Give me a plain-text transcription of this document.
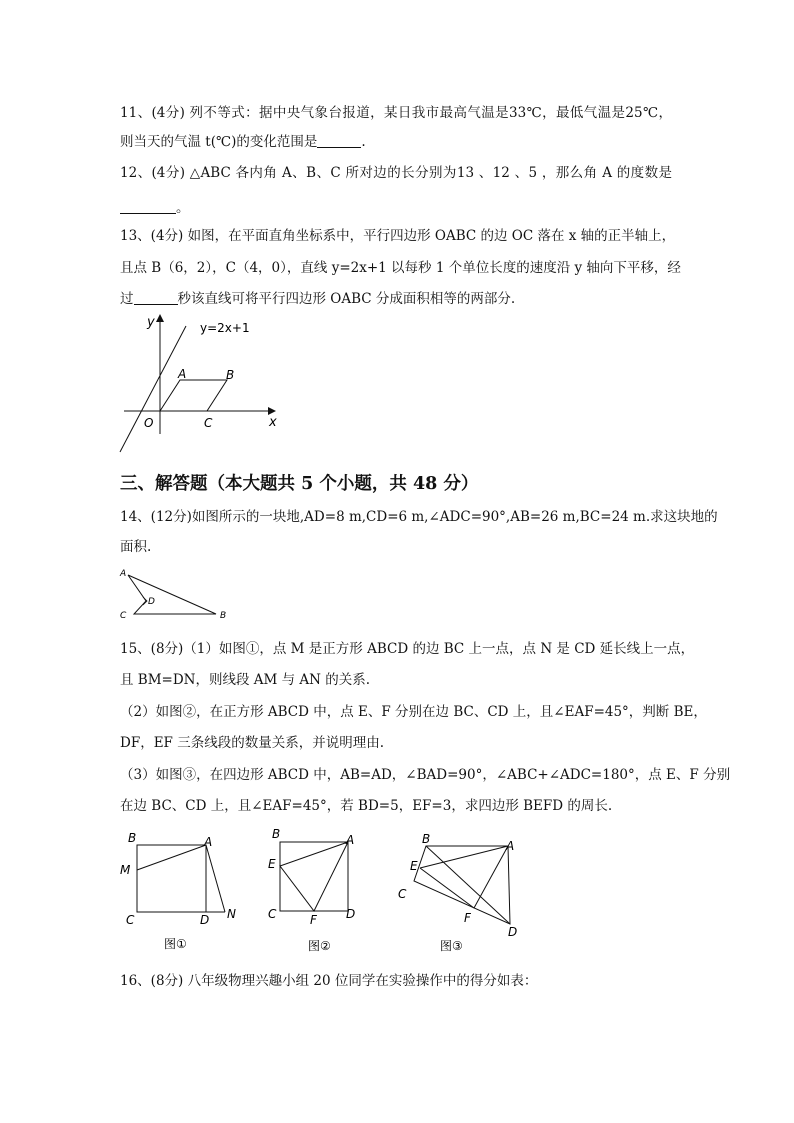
11、(4分) 列不等式：据中央气象台报道，某日我市最高气温是33℃，最低气温是25℃，
则当天的气温 t(℃)的变化范围是	.
12、(4分) △ABC 各内角 A、B、C 所对边的长分别为13 、12 、5 ，那么角 A 的度数是
。
13、(4分) 如图，在平面直角坐标系中，平行四边形 OABC 的边 OC 落在 x 轴的正半轴上，
且点 B（6，2），C（4，0），直线 y=2x+1 以每秒 1 个单位长度的速度沿 y 轴向下平移，经
过	秒该直线可将平行四边形 OABC 分成面积相等的两部分.
y
x
y=2x+1
A	B
O	C
三、解答题（本大题共 5 个小题，共 48 分）
14、(12分)如图所示的一块地,AD=8 m,CD=6 m,∠ADC=90°,AB=26 m,BC=24 m.求这块地的
面积.
A
B
C
D
15、(8分)（1）如图①，点 M 是正方形 ABCD 的边 BC 上一点，点 N 是 CD 延长线上一点，
且 BM=DN，则线段 AM 与 AN 的关系.
（2）如图②，在正方形 ABCD 中，点 E、F 分别在边 BC、CD 上，且∠EAF=45°，判断 BE，
DF，EF 三条线段的数量关系，并说明理由.
（3）如图③，在四边形 ABCD 中，AB=AD，∠BAD=90°，∠ABC+∠ADC=180°，点 E、F 分别
在边 BC、CD 上，且∠EAF=45°，若 BD=5，EF=3，求四边形 BEFD 的周长.
B	A
M
C	D N
图①
B	A
E
C	F D
图②
B	A
E
C
F
D
图③
16、(8分) 八年级物理兴趣小组 20 位同学在实验操作中的得分如表：
